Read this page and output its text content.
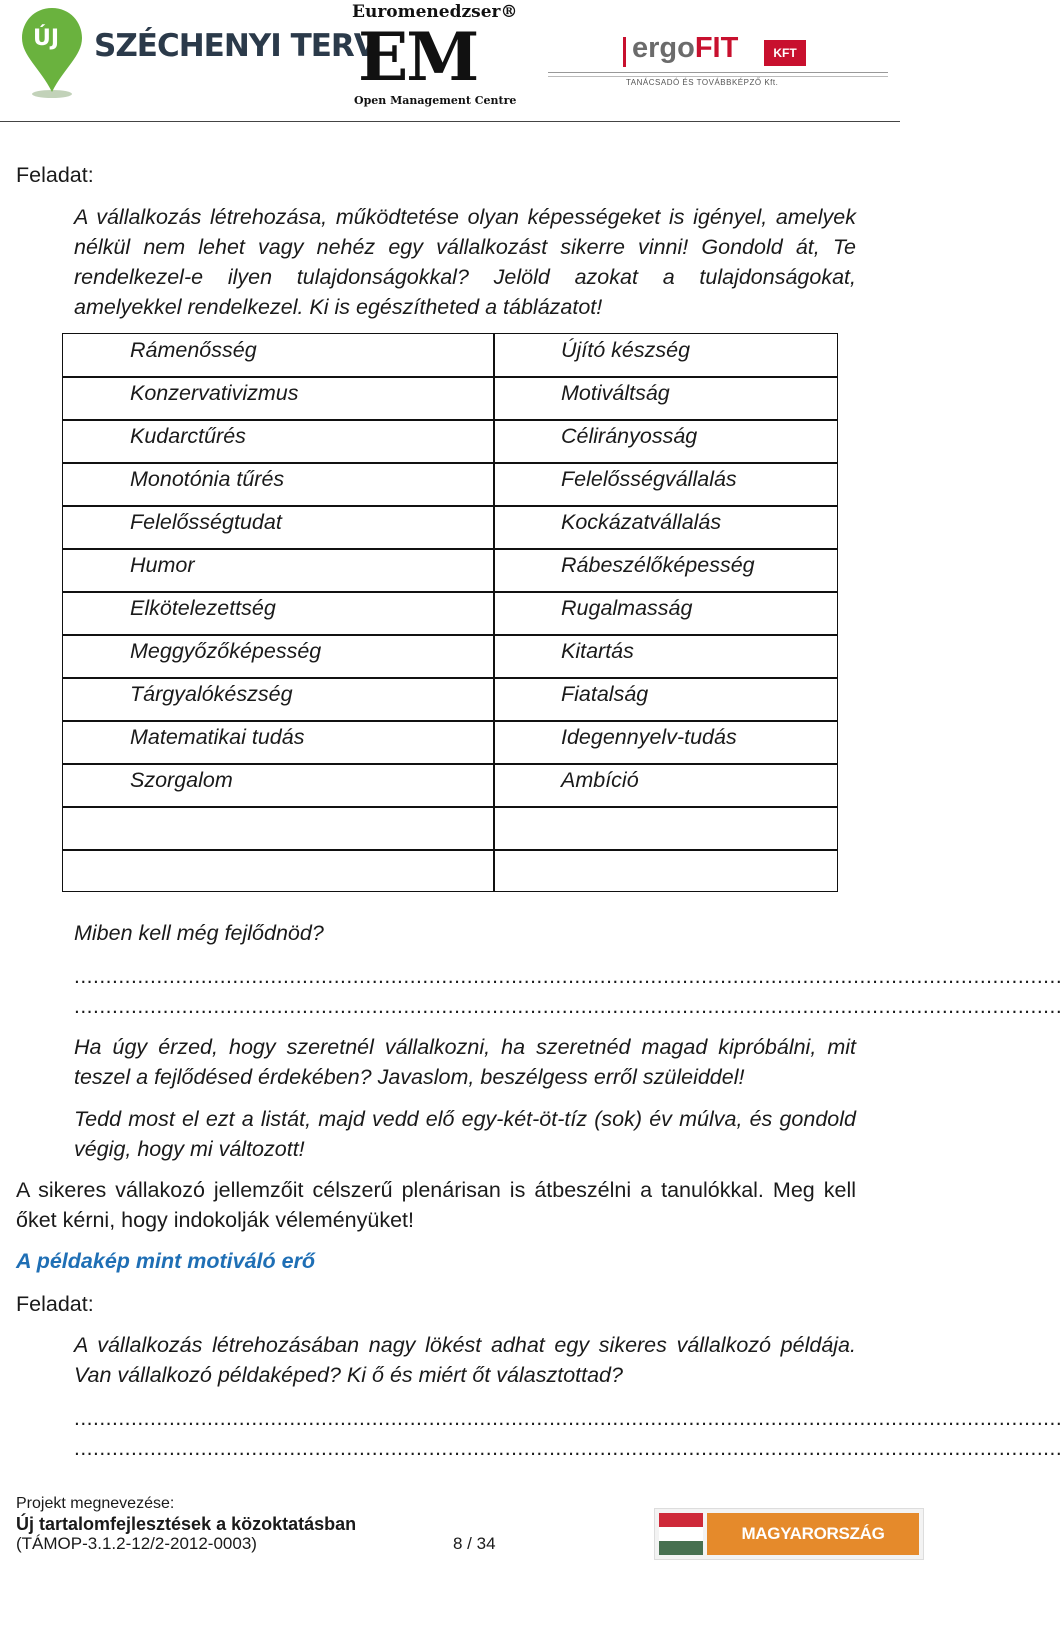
ÚJ SZÉCHENYI TERV
Euromenedzser®
EM
Open Management Centre
ergoFIT	KFT
TANÁCSADÓ ÉS TOVÁBBKÉPZŐ Kft.
Feladat:
A vállalkozás létrehozása, működtetése olyan képességeket is igényel, amelyek nélkül nem lehet vagy nehéz egy vállalkozást sikerre vinni! Gondold át, Te rendelkezel-e ilyen tulajdonságokkal? Jelöld azokat a tulajdonságokat, amelyekkel rendelkezel. Ki is egészítheted a táblázatot!
Rámenősség	Újító készség
Konzervativizmus	Motiváltság
Kudarctűrés	Célirányosság
Monotónia tűrés	Felelősségvállalás
Felelősségtudat	Kockázatvállalás
Humor	Rábeszélőképesség
Elkötelezettség	Rugalmasság
Meggyőzőképesség	Kitartás
Tárgyalókészség	Fiatalság
Matematikai tudás	Idegennyelv-tudás
Szorgalom	Ambíció
Miben kell még fejlődnöd?
............................................................................................................................................................
............................................................................................................................................................
Ha úgy érzed, hogy szeretnél vállalkozni, ha szeretnéd magad kipróbálni, mit teszel a fejlődésed érdekében? Javaslom, beszélgess erről szüleiddel!
Tedd most el ezt a listát, majd vedd elő egy-két-öt-tíz (sok) év múlva, és gondold végig, hogy mi változott!
A sikeres vállakozó jellemzőit célszerű plenárisan is átbeszélni a tanulókkal. Meg kell őket kérni, hogy indokolják véleményüket!
A példakép mint motiváló erő
Feladat:
A vállalkozás létrehozásában nagy lökést adhat egy sikeres vállalkozó példája. Van vállalkozó példaképed? Ki ő és miért őt választottad?
............................................................................................................................................................
............................................................................................................................................................
Projekt megnevezése:
Új tartalomfejlesztések a közoktatásban
(TÁMOP-3.1.2-12/2-2012-0003)	8 / 34
MAGYARORSZÁG MEGÚJUL
